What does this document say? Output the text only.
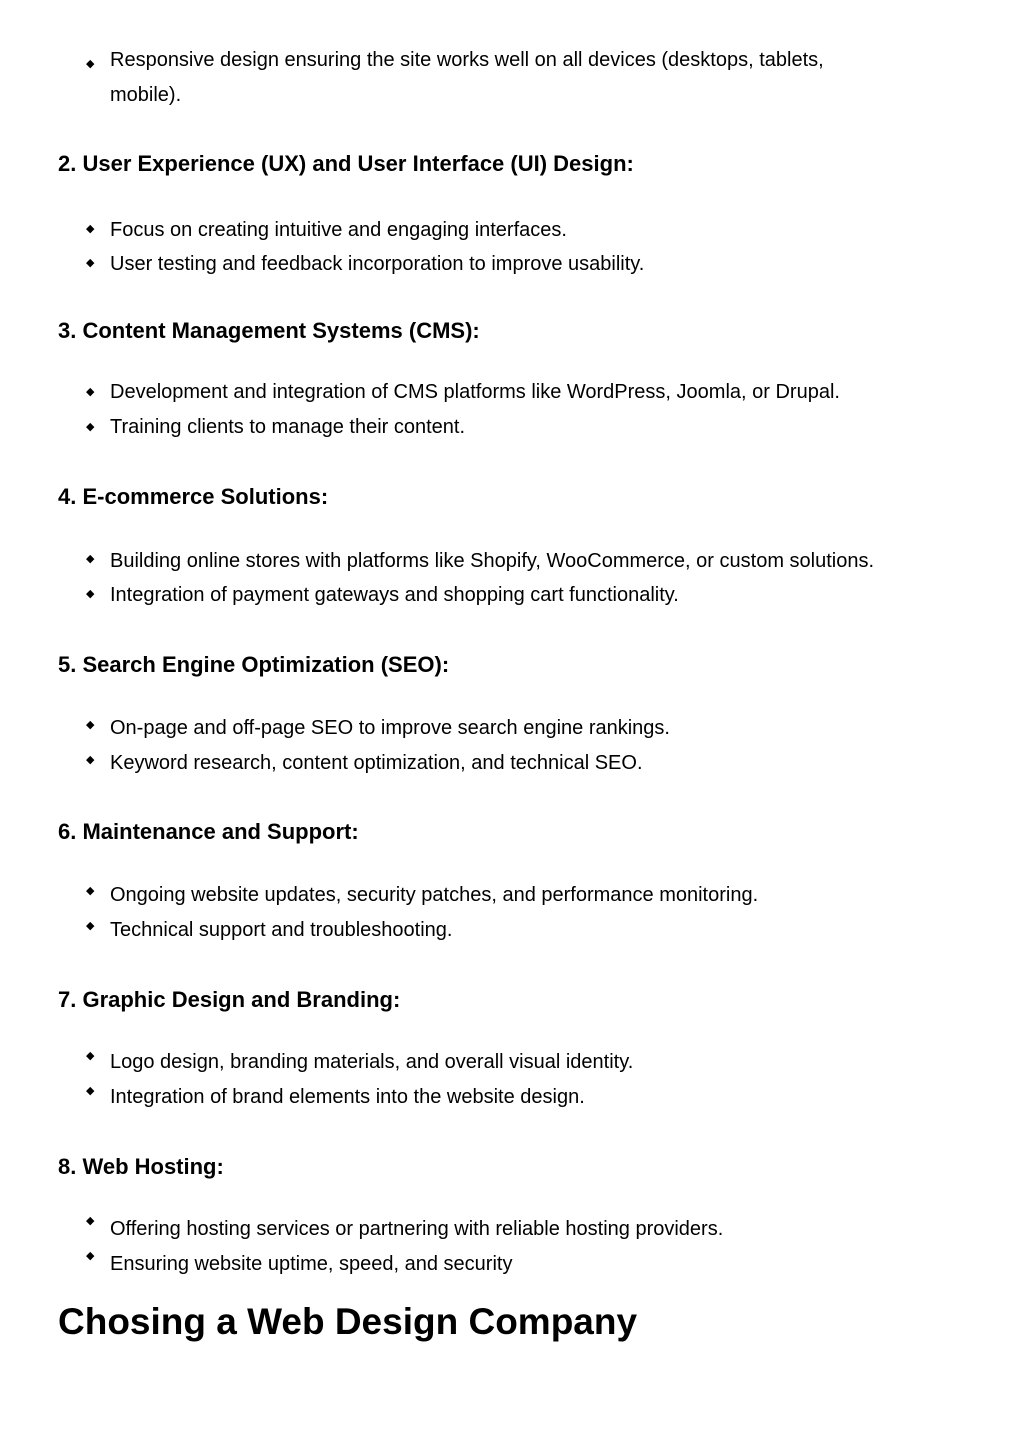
◆ Responsive design ensuring the site works well on all devices (desktops, tablets,
mobile).
2. User Experience (UX) and User Interface (UI) Design:
◆ Focus on creating intuitive and engaging interfaces.
◆ User testing and feedback incorporation to improve usability.
3. Content Management Systems (CMS):
◆ Development and integration of CMS platforms like WordPress, Joomla, or Drupal.
◆ Training clients to manage their content.
4. E-commerce Solutions:
◆ Building online stores with platforms like Shopify, WooCommerce, or custom solutions.
◆ Integration of payment gateways and shopping cart functionality.
5. Search Engine Optimization (SEO):
◆ On-page and off-page SEO to improve search engine rankings.
◆ Keyword research, content optimization, and technical SEO.
6. Maintenance and Support:
◆ Ongoing website updates, security patches, and performance monitoring.
◆ Technical support and troubleshooting.
7. Graphic Design and Branding:
◆ Logo design, branding materials, and overall visual identity.
◆ Integration of brand elements into the website design.
8. Web Hosting:
◆ Offering hosting services or partnering with reliable hosting providers.
◆ Ensuring website uptime, speed, and security
Chosing a Web Design Company
